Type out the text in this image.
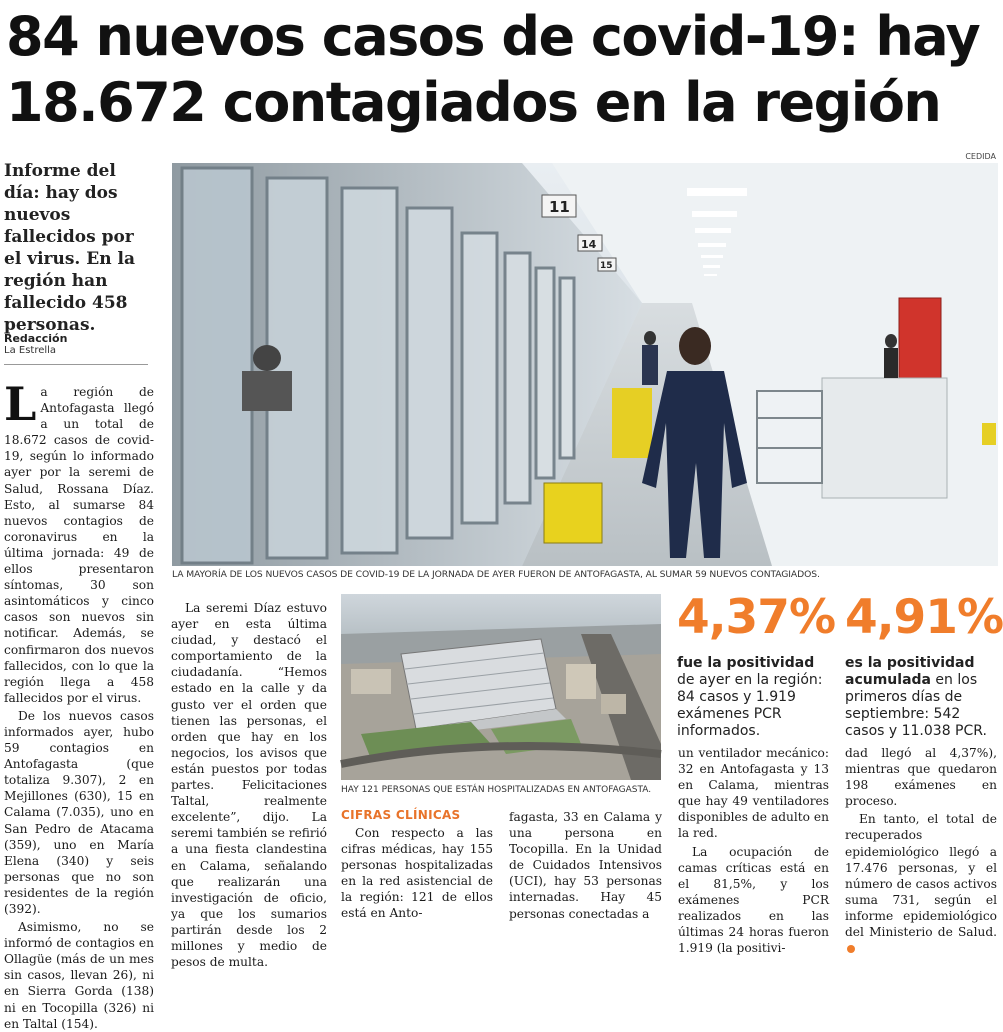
84 nuevos casos de covid-19: hay
18.672 contagiados en la región
Informe del día: hay dos nuevos fallecidos por el virus. En la región han fallecido 458 personas.
Redacción
La Estrella

La región de Antofagasta llegó a un total de 18.672 casos de covid-19, según lo informado ayer por la seremi de Salud, Rossana Díaz. Esto, al sumarse 84 nuevos contagios de coronavirus en la última jornada: 49 de ellos presentaron síntomas, 30 son asintomáticos y cinco casos son nuevos sin notificar. Además, se confirmaron dos nuevos fallecidos, con lo que la región llega a 458 fallecidos por el virus.

De los nuevos casos informados ayer, hubo 59 contagios en Antofagasta (que totaliza 9.307), 2 en Mejillones (630), 15 en Calama (7.035), uno en San Pedro de Atacama (359), uno en María Elena (340) y seis personas que no son residentes de la región (392).

Asimismo, no se informó de contagios en Ollagüe (más de un mes sin casos, llevan 26), ni en Sierra Gorda (138) ni en Tocopilla (326) ni en Taltal (154).

CEDIDA
11
14
15
LA MAYORÍA DE LOS NUEVOS CASOS DE COVID-19 DE LA JORNADA DE AYER FUERON DE ANTOFAGASTA, AL SUMAR 59 NUEVOS CONTAGIADOS.

La seremi Díaz estuvo ayer en esta última ciudad, y destacó el comportamiento de la ciudadanía. “Hemos estado en la calle y da gusto ver el orden que tienen las personas, el orden que hay en los negocios, los avisos que están puestos por todas partes. Felicitaciones Taltal, realmente excelente”, dijo. La seremi también se refirió a una fiesta clandestina en Calama, señalando que realizarán una investigación de oficio, ya que los sumarios partirán desde los 2 millones y medio de pesos de multa.

HAY 121 PERSONAS QUE ESTÁN HOSPITALIZADAS EN ANTOFAGASTA.
CIFRAS CLÍNICAS

Con respecto a las cifras médicas, hay 155 personas hospitalizadas en la red asistencial de la región: 121 de ellos está en Anto-

fagasta, 33 en Calama y una persona en Tocopilla. En la Unidad de Cuidados Intensivos (UCI), hay 53 personas internadas. Hay 45 personas conectadas a

4,37%
fue la positividad de ayer en la región: 84 casos y 1.919 exámenes PCR informados.
4,91%
es la positividad acumulada en los primeros días de septiembre: 542 casos y 11.038 PCR.

un ventilador mecánico: 32 en Antofagasta y 13 en Calama, mientras que hay 49 ventiladores disponibles de adulto en la red.

La ocupación de camas críticas está en el 81,5%, y los exámenes PCR realizados en las últimas 24 horas fueron 1.919 (la positivi-

dad llegó al 4,37%), mientras que quedaron 198 exámenes en proceso.

En tanto, el total de recuperados epidemiológico llegó a 17.476 personas, y el número de casos activos suma 731, según el informe epidemiológico del Ministerio de Salud.
